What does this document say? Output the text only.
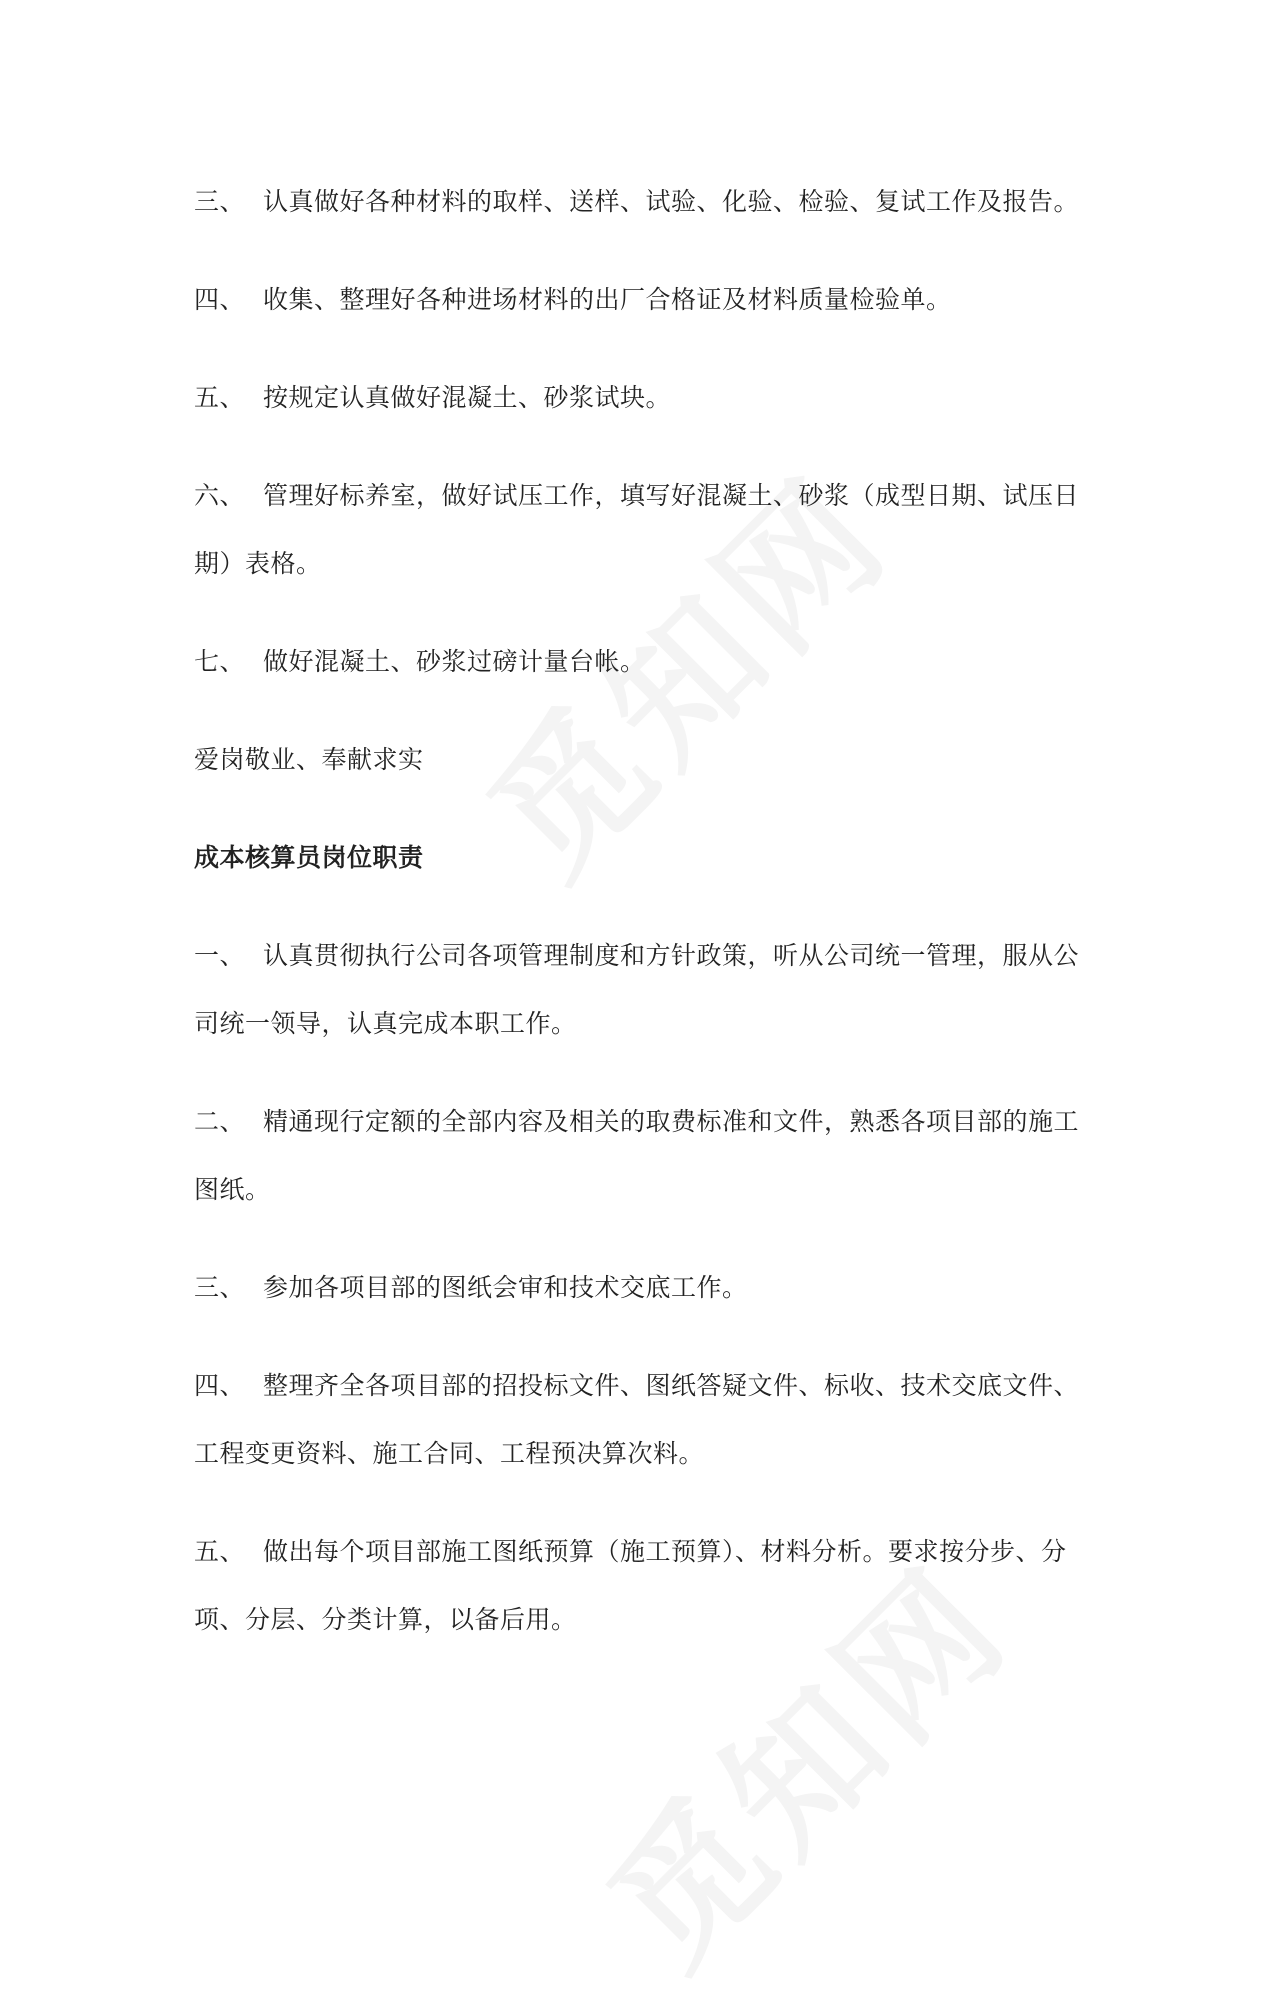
三、 认真做好各种材料的取样、送样、试验、化验、检验、复试工作及报告。

四、 收集、整理好各种进场材料的出厂合格证及材料质量检验单。

五、 按规定认真做好混凝土、砂浆试块。

六、 管理好标养室，做好试压工作，填写好混凝土、砂浆（成型日期、试压日期）表格。

七、 做好混凝土、砂浆过磅计量台帐。

爱岗敬业、奉献求实

成本核算员岗位职责

一、 认真贯彻执行公司各项管理制度和方针政策，听从公司统一管理，服从公司统一领导，认真完成本职工作。

二、 精通现行定额的全部内容及相关的取费标准和文件，熟悉各项目部的施工图纸。

三、 参加各项目部的图纸会审和技术交底工作。

四、 整理齐全各项目部的招投标文件、图纸答疑文件、标收、技术交底文件、工程变更资料、施工合同、工程预决算次料。

五、 做出每个项目部施工图纸预算（施工预算）、材料分析。要求按分步、分项、分层、分类计算，以备后用。
